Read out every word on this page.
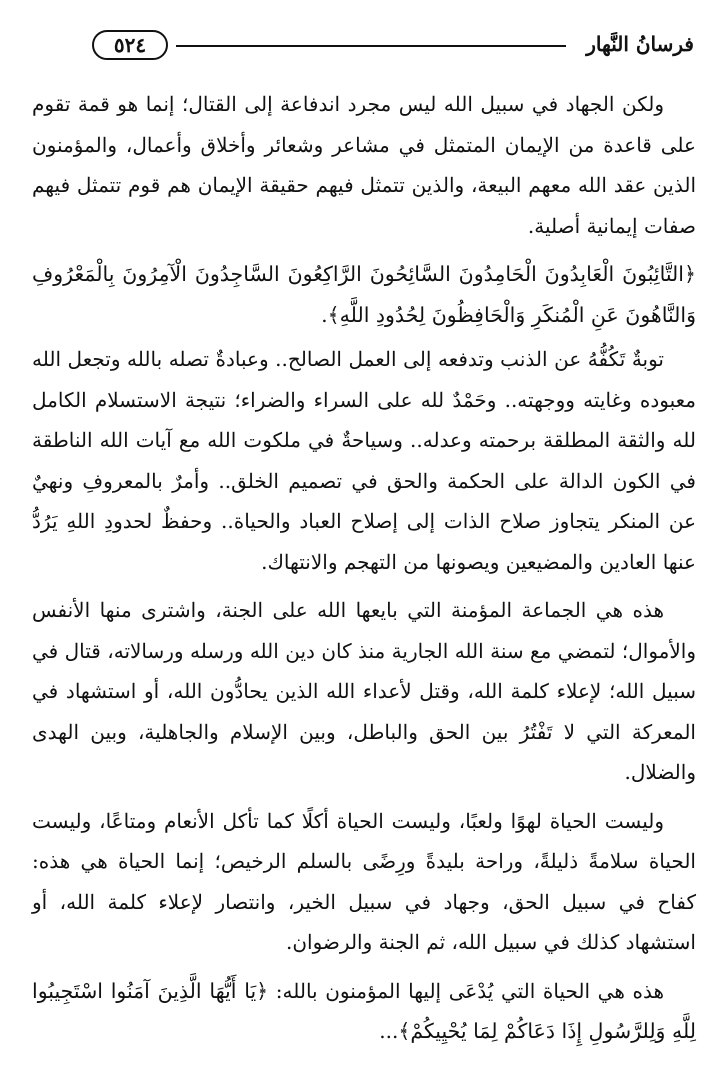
٥٢٤	فرسانُ النَّهار

ولكن الجهاد في سبيل الله ليس مجرد اندفاعة إلى القتال؛ إنما هو قمة تقوم على قاعدة من الإيمان المتمثل في مشاعر وشعائر وأخلاق وأعمال، والمؤمنون الذين عقد الله معهم البيعة، والذين تتمثل فيهم حقيقة الإيمان هم قوم تتمثل فيهم صفات إيمانية أصلية.

﴿التَّائِبُونَ الْعَابِدُونَ الْحَامِدُونَ السَّائِحُونَ الرَّاكِعُونَ السَّاجِدُونَ الْآمِرُونَ بِالْمَعْرُوفِ وَالنَّاهُونَ عَنِ الْمُنكَرِ وَالْحَافِظُونَ لِحُدُودِ اللَّهِ﴾.

توبةٌ تَكُفُّهُ عن الذنب وتدفعه إلى العمل الصالح.. وعبادةٌ تصله بالله وتجعل الله معبوده وغايته ووجهته.. وحَمْدٌ لله على السراء والضراء؛ نتيجة الاستسلام الكامل لله والثقة المطلقة برحمته وعدله.. وسياحةٌ في ملكوت الله مع آيات الله الناطقة في الكون الدالة على الحكمة والحق في تصميم الخلق.. وأمرٌ بالمعروفِ ونهيٌ عن المنكر يتجاوز صلاح الذات إلى إصلاح العباد والحياة.. وحفظٌ لحدودِ اللهِ يَرُدُّ عنها العادين والمضيعين ويصونها من التهجم والانتهاك.

هذه هي الجماعة المؤمنة التي بايعها الله على الجنة، واشترى منها الأنفس والأموال؛ لتمضي مع سنة الله الجارية منذ كان دين الله ورسله ورسالاته، قتال في سبيل الله؛ لإعلاء كلمة الله، وقتل لأعداء الله الذين يحادُّون الله، أو استشهاد في المعركة التي لا تَفْتُرُ بين الحق والباطل، وبين الإسلام والجاهلية، وبين الهدى والضلال.

وليست الحياة لهوًا ولعبًا، وليست الحياة أكلًا كما تأكل الأنعام ومتاعًا، وليست الحياة سلامةً ذليلةً، وراحة بليدةً ورِضًى بالسلم الرخيص؛ إنما الحياة هي هذه: كفاح في سبيل الحق، وجهاد في سبيل الخير، وانتصار لإعلاء كلمة الله، أو استشهاد كذلك في سبيل الله، ثم الجنة والرضوان.

هذه هي الحياة التي يُدْعَى إليها المؤمنون بالله: ﴿يَا أَيُّهَا الَّذِينَ آمَنُوا اسْتَجِيبُوا لِلَّهِ وَلِلرَّسُولِ إِذَا دَعَاكُمْ لِمَا يُحْيِيكُمْ﴾...
